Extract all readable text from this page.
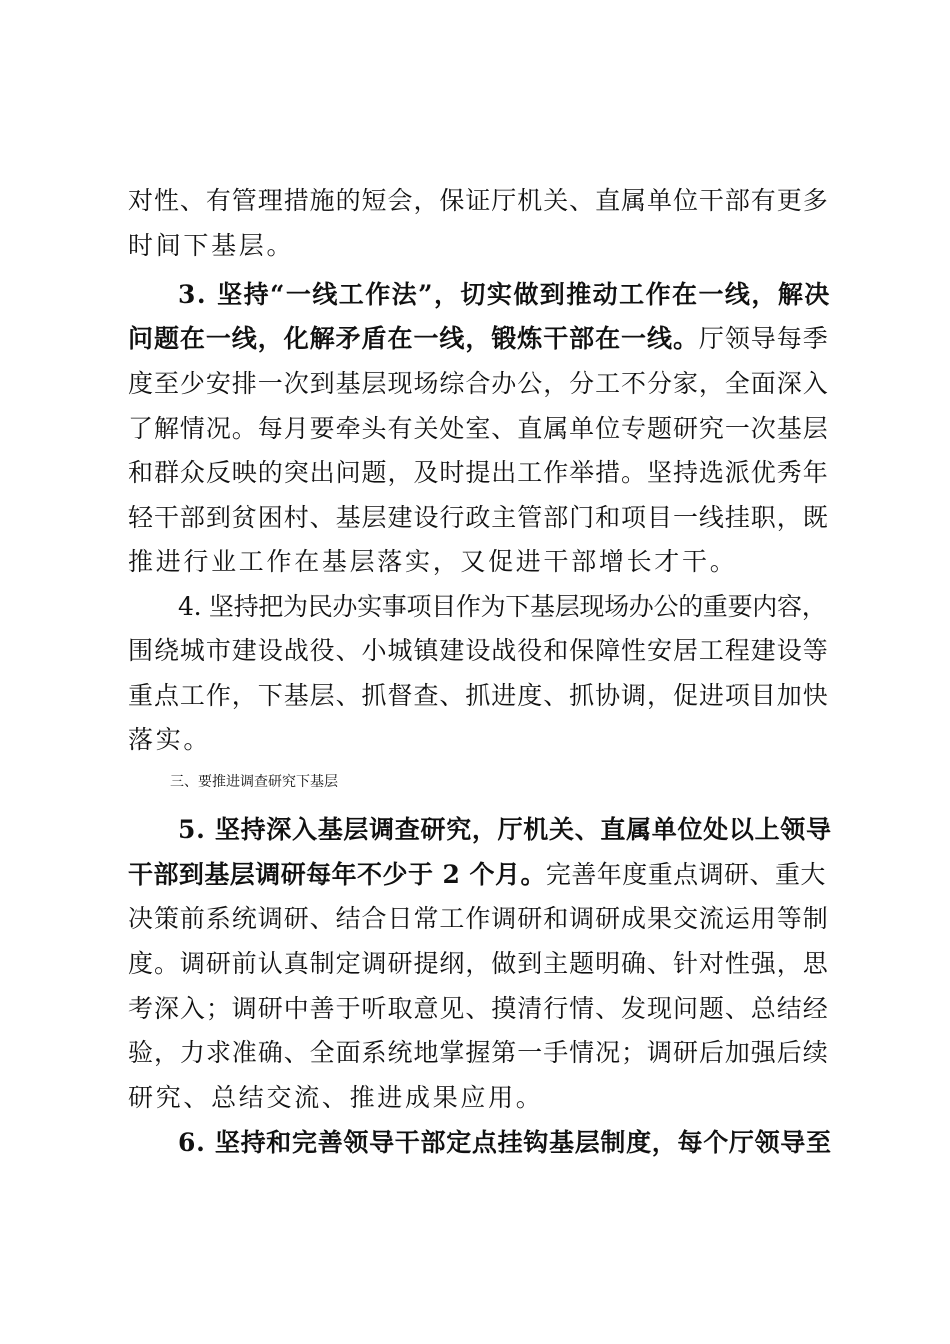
对性、有管理措施的短会，保证厅机关、直属单位干部有更多
时间下基层。
3. 坚持“一线工作法”，切实做到推动工作在一线，解决
问题在一线，化解矛盾在一线，锻炼干部在一线。厅领导每季
度至少安排一次到基层现场综合办公，分工不分家，全面深入
了解情况。每月要牵头有关处室、直属单位专题研究一次基层
和群众反映的突出问题，及时提出工作举措。坚持选派优秀年
轻干部到贫困村、基层建设行政主管部门和项目一线挂职，既
推进行业工作在基层落实，又促进干部增长才干。
4. 坚持把为民办实事项目作为下基层现场办公的重要内容，
围绕城市建设战役、小城镇建设战役和保障性安居工程建设等
重点工作，下基层、抓督查、抓进度、抓协调，促进项目加快
落实。
三、要推进调查研究下基层
5. 坚持深入基层调查研究，厅机关、直属单位处以上领导
干部到基层调研每年不少于 2 个月。完善年度重点调研、重大
决策前系统调研、结合日常工作调研和调研成果交流运用等制
度。调研前认真制定调研提纲，做到主题明确、针对性强，思
考深入；调研中善于听取意见、摸清行情、发现问题、总结经
验，力求准确、全面系统地掌握第一手情况；调研后加强后续
研究、总结交流、推进成果应用。
6. 坚持和完善领导干部定点挂钩基层制度，每个厅领导至
